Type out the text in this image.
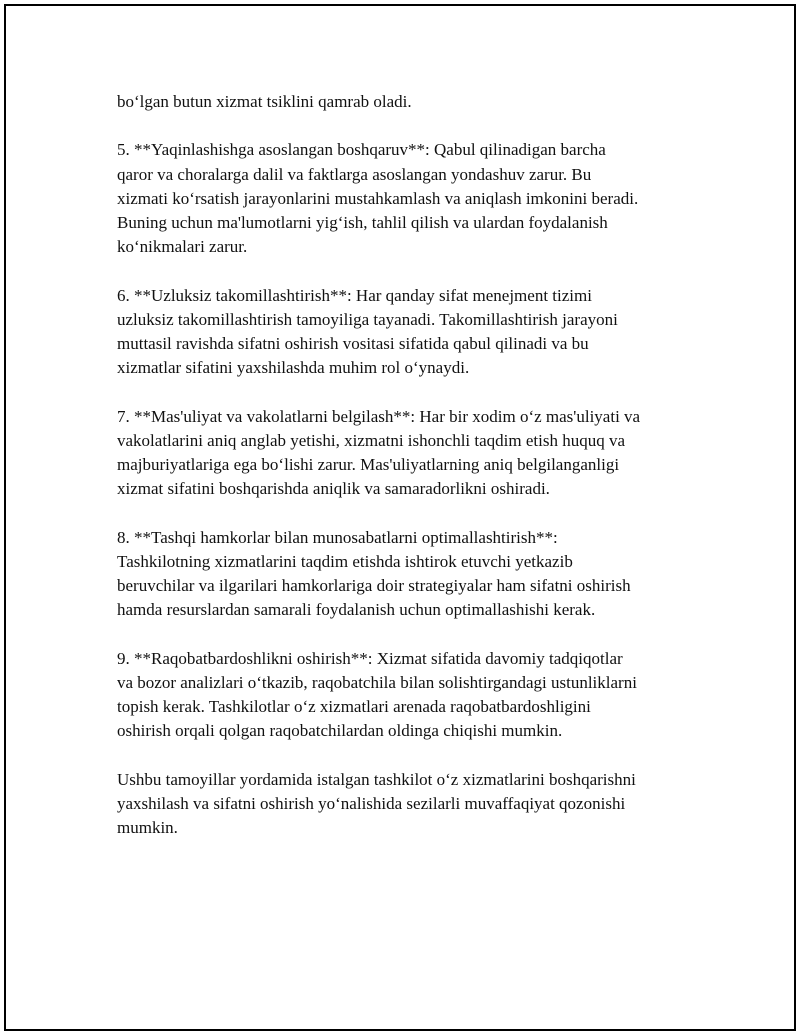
bo‘lgan butun xizmat tsiklini qamrab oladi.

5. **Yaqinlashishga asoslangan boshqaruv**: Qabul qilinadigan barcha
qaror va choralarga dalil va faktlarga asoslangan yondashuv zarur. Bu
xizmati ko‘rsatish jarayonlarini mustahkamlash va aniqlash imkonini beradi.
Buning uchun ma'lumotlarni yig‘ish, tahlil qilish va ulardan foydalanish
ko‘nikmalari zarur.

6. **Uzluksiz takomillashtirish**: Har qanday sifat menejment tizimi
uzluksiz takomillashtirish tamoyiliga tayanadi. Takomillashtirish jarayoni
muttasil ravishda sifatni oshirish vositasi sifatida qabul qilinadi va bu
xizmatlar sifatini yaxshilashda muhim rol o‘ynaydi.

7. **Mas'uliyat va vakolatlarni belgilash**: Har bir xodim o‘z mas'uliyati va
vakolatlarini aniq anglab yetishi, xizmatni ishonchli taqdim etish huquq va
majburiyatlariga ega bo‘lishi zarur. Mas'uliyatlarning aniq belgilanganligi
xizmat sifatini boshqarishda aniqlik va samaradorlikni oshiradi.

8. **Tashqi hamkorlar bilan munosabatlarni optimallashtirish**:
Tashkilotning xizmatlarini taqdim etishda ishtirok etuvchi yetkazib
beruvchilar va ilgarilari hamkorlariga doir strategiyalar ham sifatni oshirish
hamda resurslardan samarali foydalanish uchun optimallashishi kerak.

9. **Raqobatbardoshlikni oshirish**: Xizmat sifatida davomiy tadqiqotlar
va bozor analizlari o‘tkazib, raqobatchila bilan solishtirgandagi ustunliklarni
topish kerak. Tashkilotlar o‘z xizmatlari arenada raqobatbardoshligini
oshirish orqali qolgan raqobatchilardan oldinga chiqishi mumkin.

Ushbu tamoyillar yordamida istalgan tashkilot o‘z xizmatlarini boshqarishni
yaxshilash va sifatni oshirish yo‘nalishida sezilarli muvaffaqiyat qozonishi
mumkin.
